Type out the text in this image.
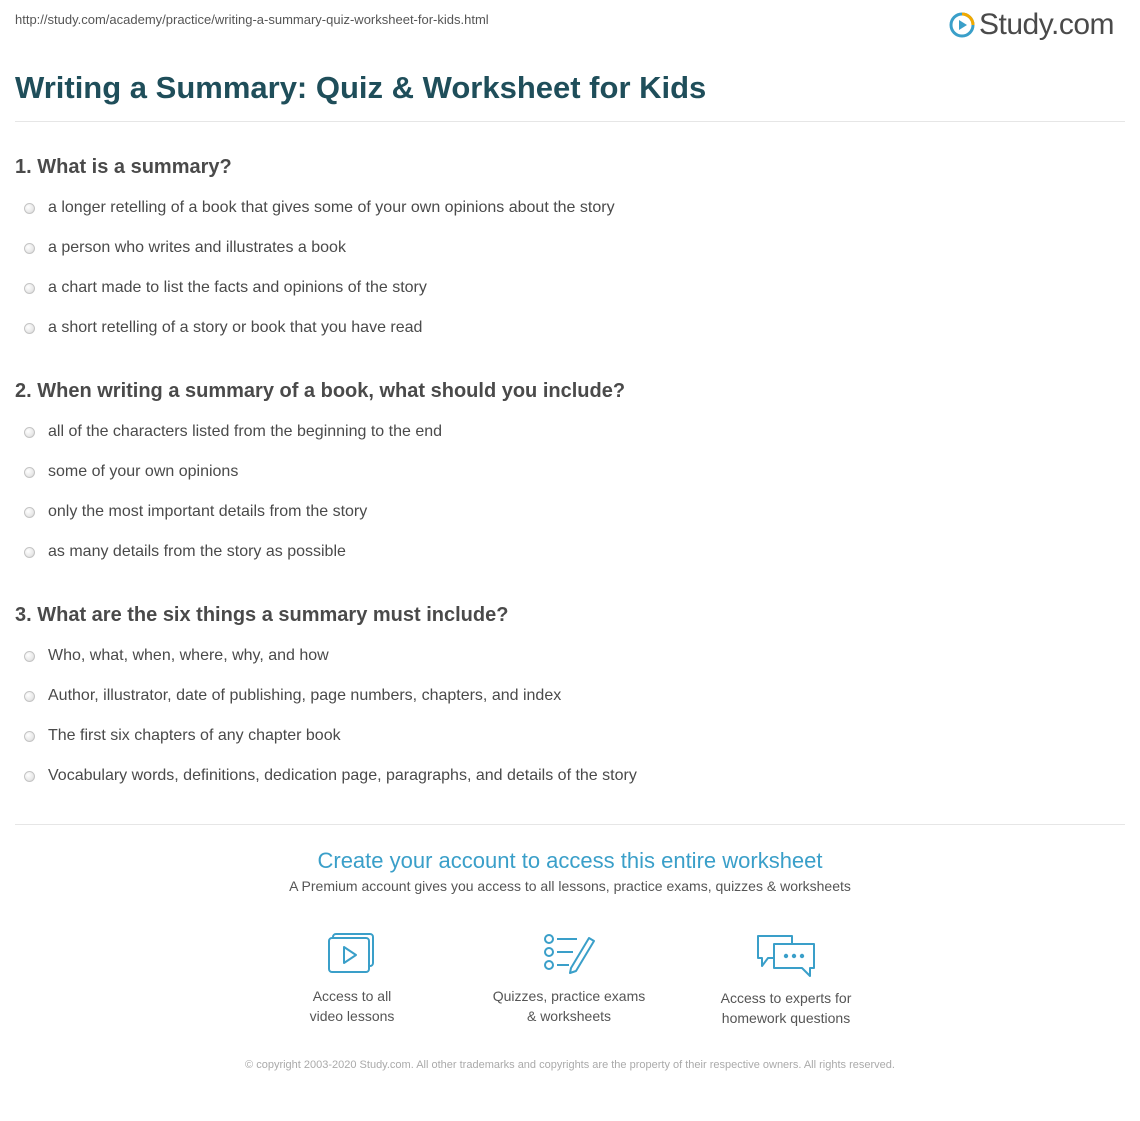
http://study.com/academy/practice/writing-a-summary-quiz-worksheet-for-kids.html	Study.com
Writing a Summary: Quiz & Worksheet for Kids
1. What is a summary?
a longer retelling of a book that gives some of your own opinions about the story
a person who writes and illustrates a book
a chart made to list the facts and opinions of the story
a short retelling of a story or book that you have read
2. When writing a summary of a book, what should you include?
all of the characters listed from the beginning to the end
some of your own opinions
only the most important details from the story
as many details from the story as possible
3. What are the six things a summary must include?
Who, what, when, where, why, and how
Author, illustrator, date of publishing, page numbers, chapters, and index
The first six chapters of any chapter book
Vocabulary words, definitions, dedication page, paragraphs, and details of the story
Create your account to access this entire worksheet
A Premium account gives you access to all lessons, practice exams, quizzes & worksheets
Access to all
video lessons
Quizzes, practice exams
& worksheets
Access to experts for
homework questions
© copyright 2003-2020 Study.com. All other trademarks and copyrights are the property of their respective owners. All rights reserved.
